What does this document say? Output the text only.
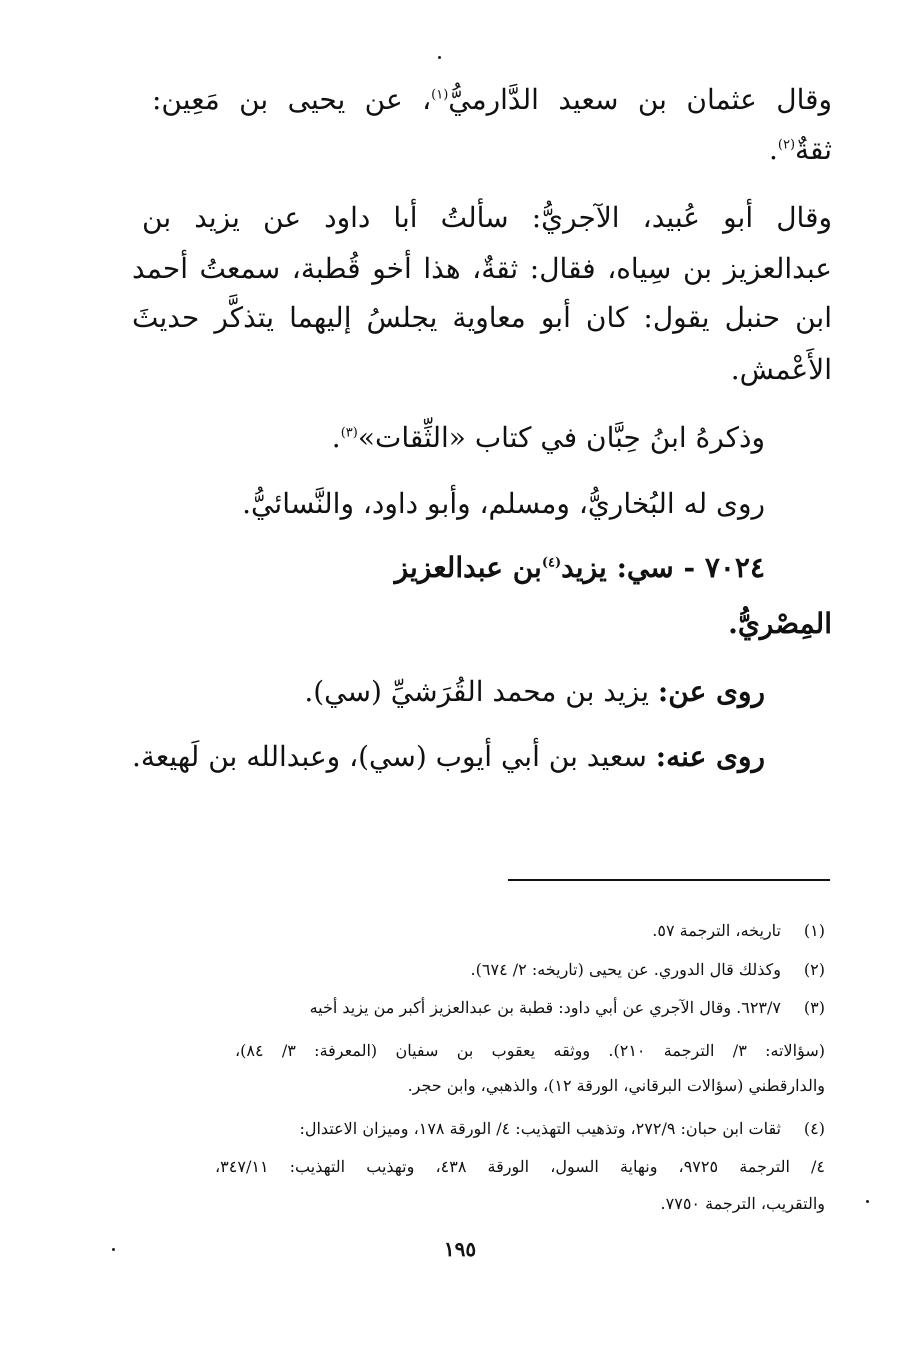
وقال عثمان بن سعيد الدَّارميُّ$^{(١)}$، عن يحيى بن مَعِين:
ثقةٌ$^{(٢)}$.
وقال أبو عُبيد، الآجريُّ: سألتُ أبا داود عن يزيد بن
عبدالعزيز بن سِياه، فقال: ثقةٌ، هذا أخو قُطبة، سمعتُ أحمد
ابن حنبل يقول: كان أبو معاوية يجلسُ إليهما يتذكَّر حديثَ
الأَعْمش.
وذكرهُ ابنُ حِبَّان في كتاب «الثِّقات»$^{(٣)}$.
روى له البُخاريُّ، ومسلم، وأبو داود، والنَّسائيُّ.
٧٠٢٤ - سي: يزيد$^{(٤)}$بن عبدالعزيز
المِصْريُّ.
روى عن: يزيد بن محمد القُرَشيِّ (سي).
روى عنه: سعيد بن أبي أيوب (سي)، وعبدالله بن لَهيعة.
(١)تاريخه، الترجمة ٥٧.
(٢)وكذلك قال الدوري. عن يحيى (تاريخه: ٢/ ٦٧٤).
(٣)٦٢٣/٧. وقال الآجري عن أبي داود: قطبة بن عبدالعزيز أكبر من يزيد أخيه
(سؤالاته: ٣/ الترجمة ٢١٠). ووثقه يعقوب بن سفيان (المعرفة: ٣/ ٨٤)،
والدارقطني (سؤالات البرقاني، الورقة ١٢)، والذهبي، وابن حجر.
(٤)ثقات ابن حبان: ٢٧٢/٩، وتذهيب التهذيب: ٤/ الورقة ١٧٨، وميزان الاعتدال:
٤/ الترجمة ٩٧٢٥، ونهاية السول، الورقة ٤٣٨، وتهذيب التهذيب: ٣٤٧/١١،
والتقريب، الترجمة ٧٧٥٠.
١٩٥
